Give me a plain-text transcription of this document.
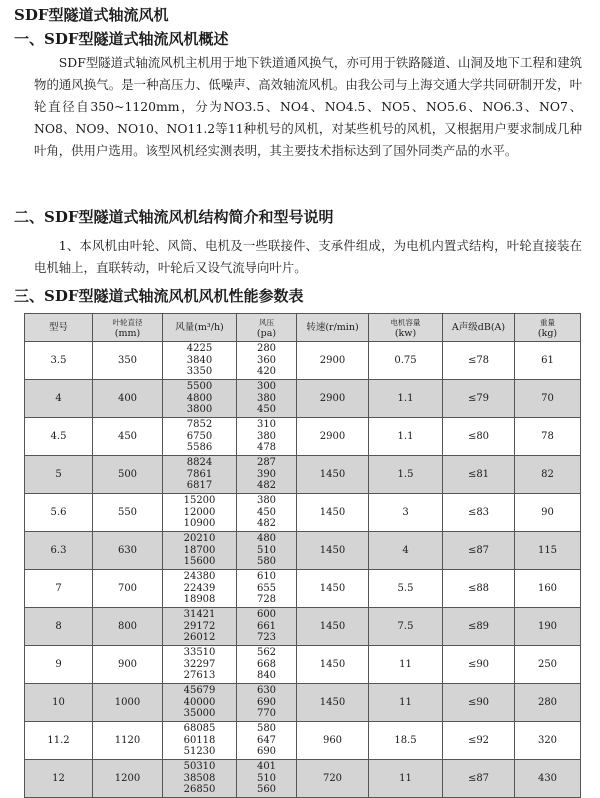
SDF型隧道式轴流风机
一、SDF型隧道式轴流风机概述

SDF型隧道式轴流风机主机用于地下铁道通风换气，亦可用于铁路隧道、山洞及地下工程和建筑物的通风换气。是一种高压力、低噪声、高效轴流风机。由我公司与上海交通大学共同研制开发，叶轮直径自350~1120mm，分为NO3.5、NO4、NO4.5、NO5、NO5.6、NO6.3、NO7、NO8、NO9、NO10、NO11.2等11种机号的风机，对某些机号的风机，又根据用户要求制成几种叶角，供用户选用。该型风机经实测表明，其主要技术指标达到了国外同类产品的水平。

二、SDF型隧道式轴流风机结构简介和型号说明

1、本风机由叶轮、风筒、电机及一些联接件、支承件组成，为电机内置式结构，叶轮直接装在电机轴上，直联转动，叶轮后又设气流导向叶片。

三、SDF型隧道式轴流风机风机性能参数表
型号	叶轮直径
(mm)	风量(m³/h)	风压
(pa)	转速(r/min)	电机容量
(kw)	A声级dB(A)	重量
(kg)

3.5	350	4225
3840
3350	280
360
420	2900	0.75	≤78	61
4	400	5500
4800
3800	300
380
450	2900	1.1	≤79	70
4.5	450	7852
6750
5586	310
380
478	2900	1.1	≤80	78
5	500	8824
7861
6817	287
390
482	1450	1.5	≤81	82
5.6	550	15200
12000
10900	380
450
482	1450	3	≤83	90
6.3	630	20210
18700
15600	480
510
580	1450	4	≤87	115
7	700	24380
22439
18908	610
655
728	1450	5.5	≤88	160
8	800	31421
29172
26012	600
661
723	1450	7.5	≤89	190
9	900	33510
32297
27613	562
668
840	1450	11	≤90	250
10	1000	45679
40000
35000	630
690
770	1450	11	≤90	280
11.2	1120	68085
60118
51230	580
647
690	960	18.5	≤92	320
12	1200	50310
38508
26850	401
510
560	720	11	≤87	430
